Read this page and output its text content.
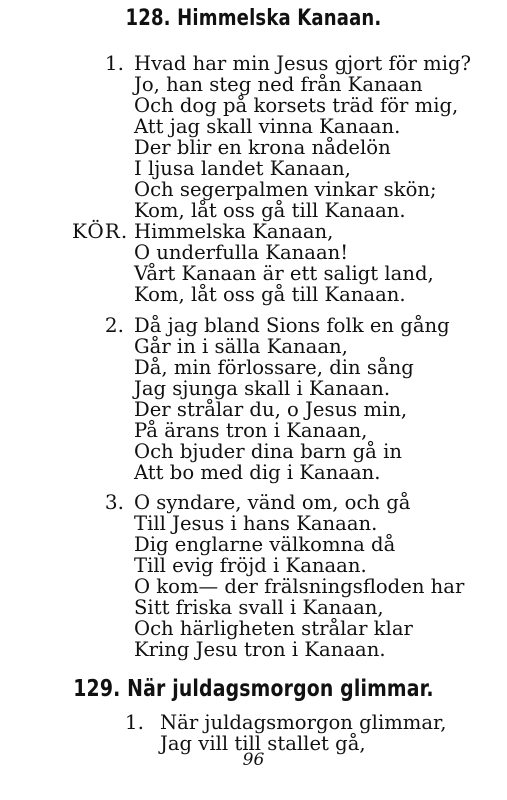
128. Himmelska Kanaan.
1. Hvad har min Jesus gjort för mig?
Jo, han steg ned från Kanaan
Och dog på korsets träd för mig,
Att jag skall vinna Kanaan.
Der blir en krona nådelön
I ljusa landet Kanaan,
Och segerpalmen vinkar skön;
Kom, låt oss gå till Kanaan.
KÖR. Himmelska Kanaan,
O underfulla Kanaan!
Vårt Kanaan är ett saligt land,
Kom, låt oss gå till Kanaan.
2. Då jag bland Sions folk en gång
Går in i sälla Kanaan,
Då, min förlossare, din sång
Jag sjunga skall i Kanaan.
Der strålar du, o Jesus min,
På ärans tron i Kanaan,
Och bjuder dina barn gå in
Att bo med dig i Kanaan.
3. O syndare, vänd om, och gå
Till Jesus i hans Kanaan.
Dig englarne välkomna då
Till evig fröjd i Kanaan.
O kom— der frälsningsfloden har
Sitt friska svall i Kanaan,
Och härligheten strålar klar
Kring Jesu tron i Kanaan.
129. När juldagsmorgon glimmar.
1. När juldagsmorgon glimmar,
Jag vill till stallet gå,
96
